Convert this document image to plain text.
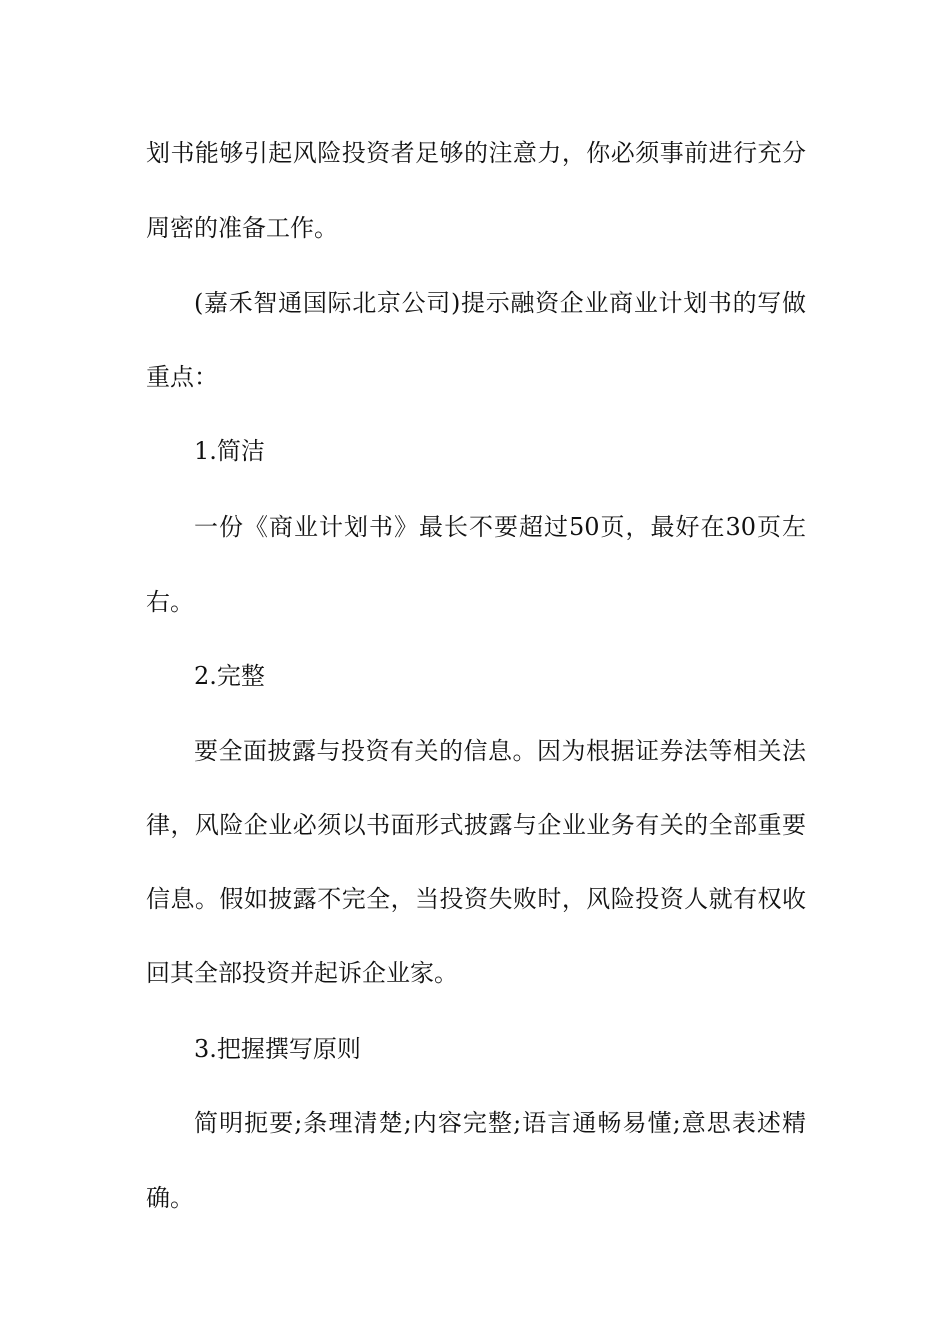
划书能够引起风险投资者足够的注意力，你必须事前进行充分
周密的准备工作。
(嘉禾智通国际北京公司)提示融资企业商业计划书的写做
重点：
1.简洁
一份《商业计划书》最长不要超过50页，最好在30页左
右。
2.完整
要全面披露与投资有关的信息。因为根据证券法等相关法
律，风险企业必须以书面形式披露与企业业务有关的全部重要
信息。假如披露不完全，当投资失败时，风险投资人就有权收
回其全部投资并起诉企业家。
3.把握撰写原则
简明扼要;条理清楚;内容完整;语言通畅易懂;意思表述精
确。
